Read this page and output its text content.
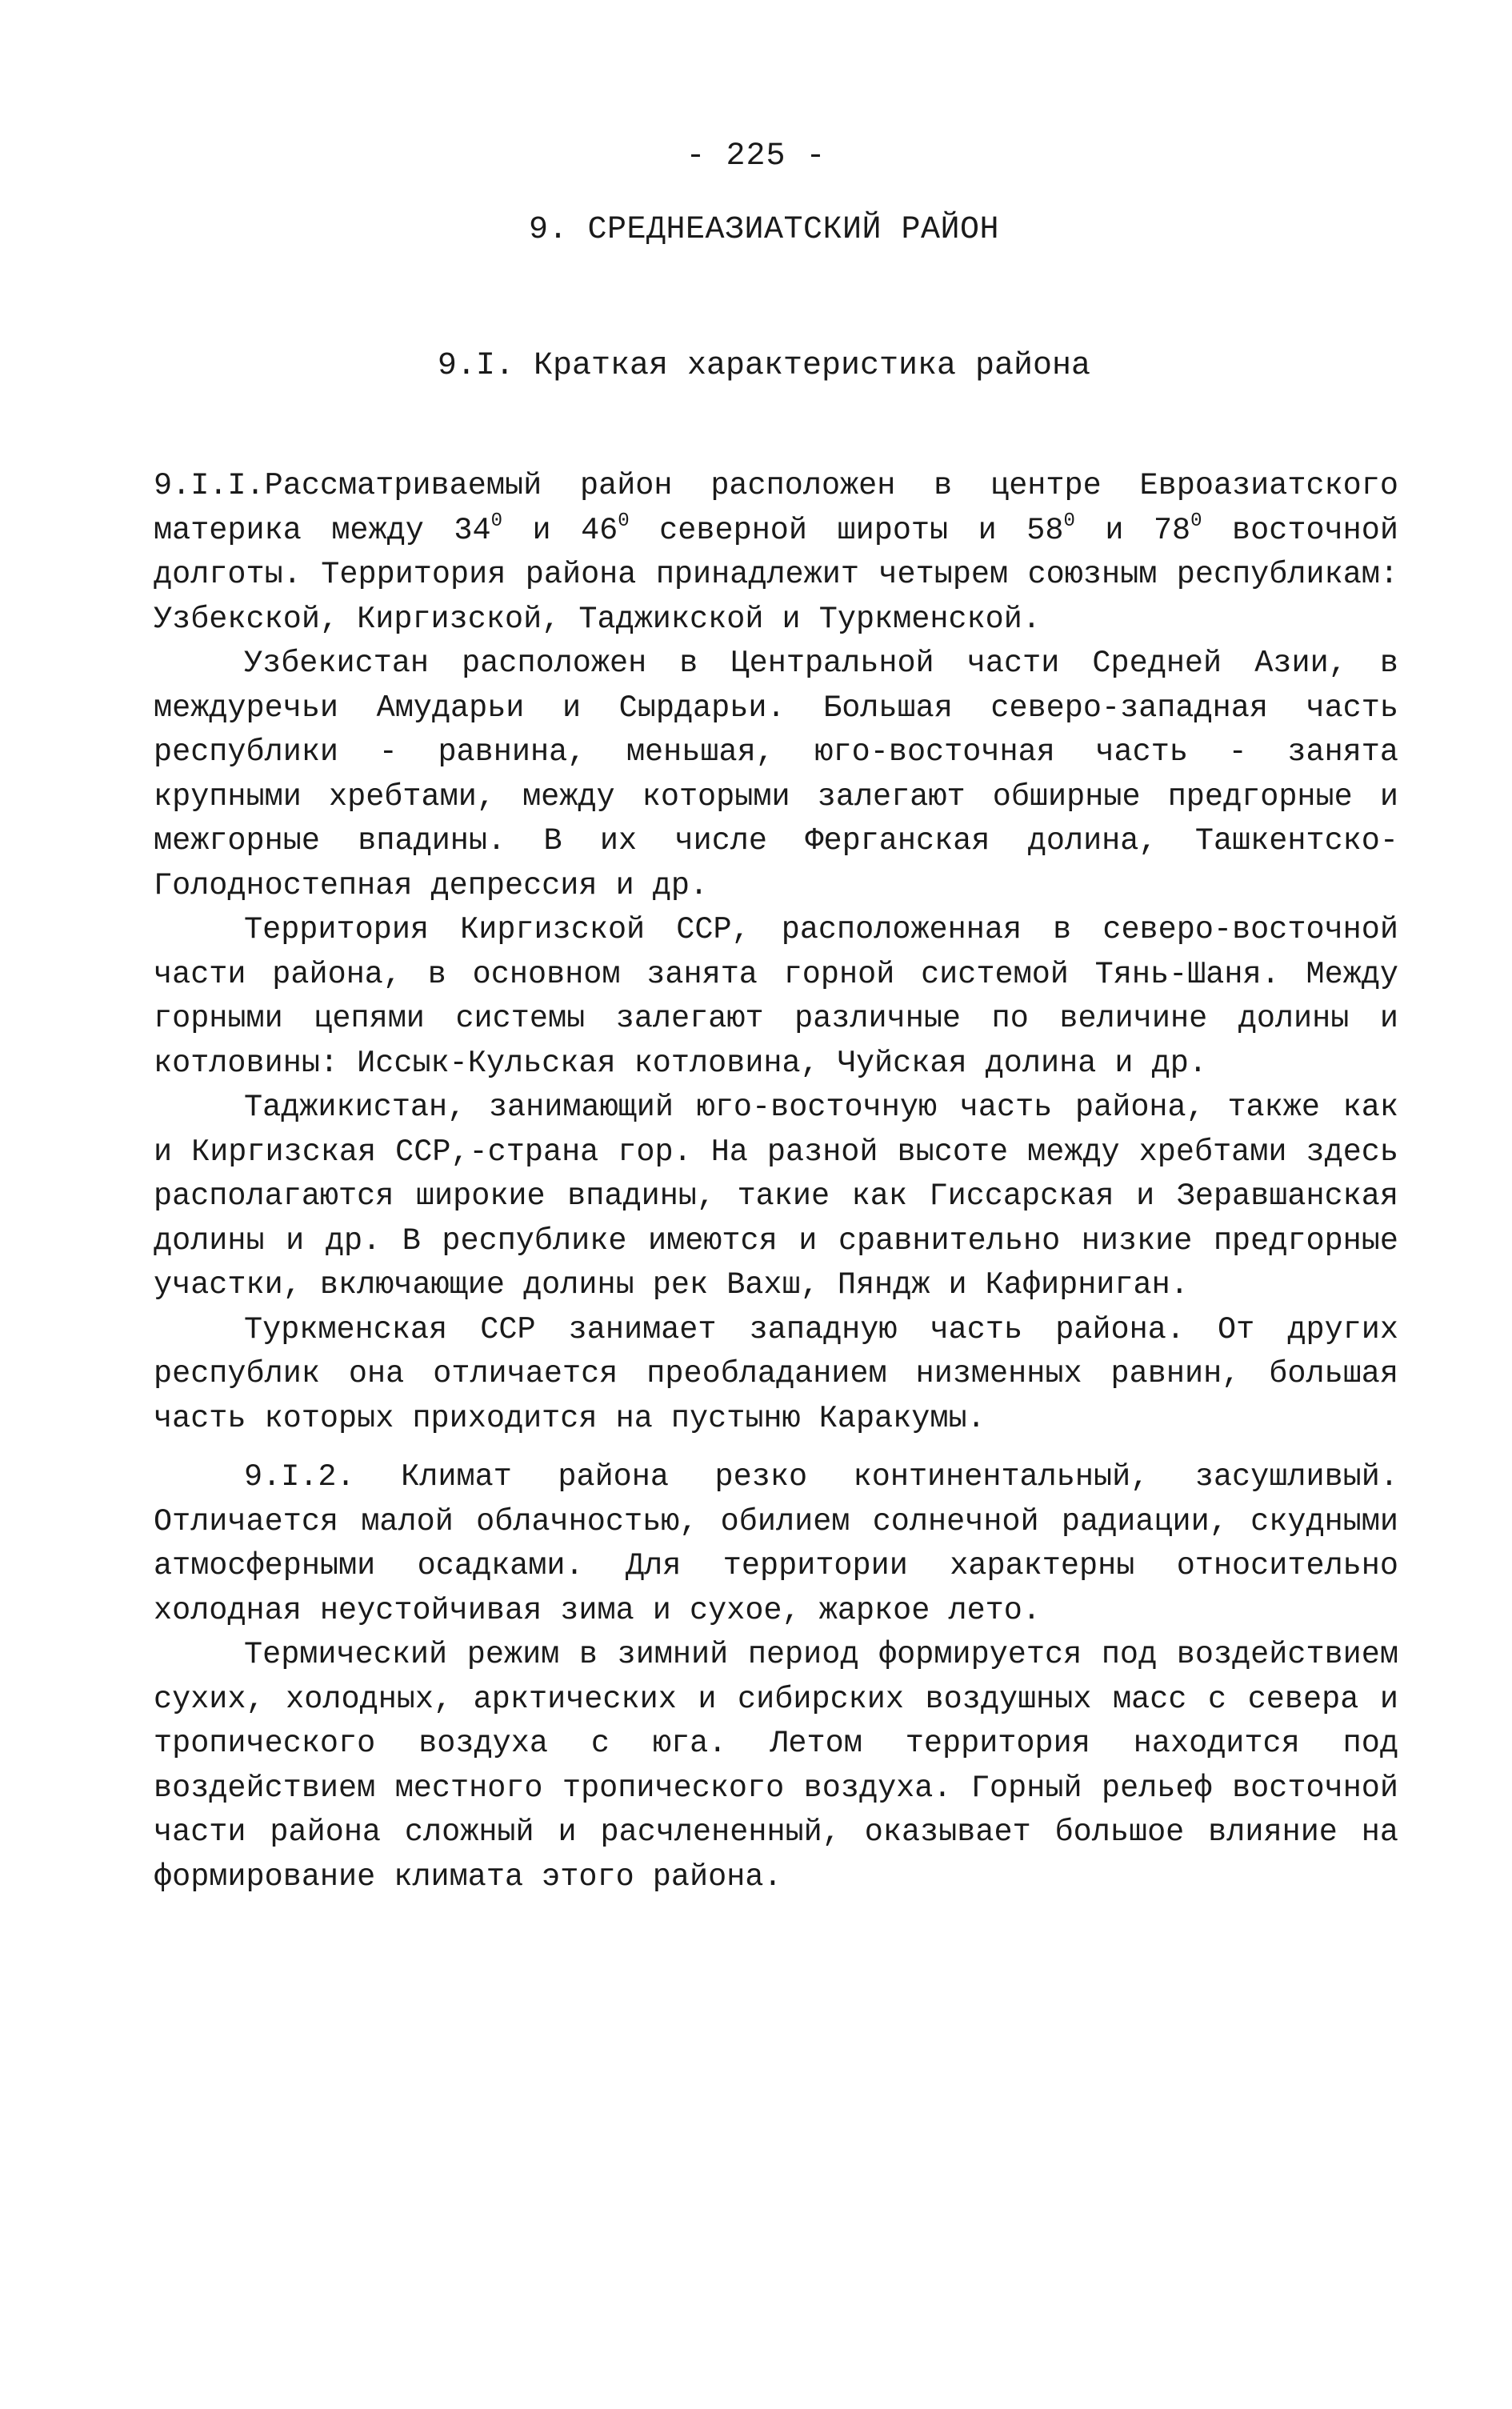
- 225 -
9. СРЕДНЕАЗИАТСКИЙ РАЙОН
9.I. Краткая характеристика района

9.I.I.Рассматриваемый район расположен в центре Евроазиатского материка между $34^0$ и $46^0$ северной широты и $58^0$ и $78^0$ восточной долготы. Территория района принадлежит четырем союзным республикам: Узбекской, Киргизской, Таджикской и Туркменской.

Узбекистан расположен в Центральной части Средней Азии, в междуречьи Амударьи и Сырдарьи. Большая северо-западная часть республики - равнина, меньшая, юго-восточная часть - занята крупными хребтами, между которыми залегают обширные предгорные и межгорные впадины. В их числе Ферганская долина, Ташкентско-Голодностепная депрессия и др.

Территория Киргизской ССР, расположенная в северо-восточной части района, в основном занята горной системой Тянь-Шаня. Между горными цепями системы залегают различные по величине долины и котловины: Иссык-Кульская котловина, Чуйская долина и др.

Таджикистан, занимающий юго-восточную часть района, также как и Киргизская ССР,-страна гор. На разной высоте между хребтами здесь располагаются широкие впадины, такие как Гиссарская и Зеравшанская долины и др. В республике имеются и сравнительно низкие предгорные участки, включающие долины рек Вахш, Пяндж и Кафирниган.

Туркменская ССР занимает западную часть района. От других республик она отличается преобладанием низменных равнин, большая часть которых приходится на пустыню Каракумы.

9.I.2. Климат района резко континентальный, засушливый. Отличается малой облачностью, обилием солнечной радиации, скудными атмосферными осадками. Для территории характерны относительно холодная неустойчивая зима и сухое, жаркое лето.

Термический режим в зимний период формируется под воздействием сухих, холодных, арктических и сибирских воздушных масс с севера и тропического воздуха с юга. Летом территория находится под воздействием местного тропического воздуха. Горный рельеф восточной части района сложный и расчлененный, оказывает большое влияние на формирование климата этого района.
